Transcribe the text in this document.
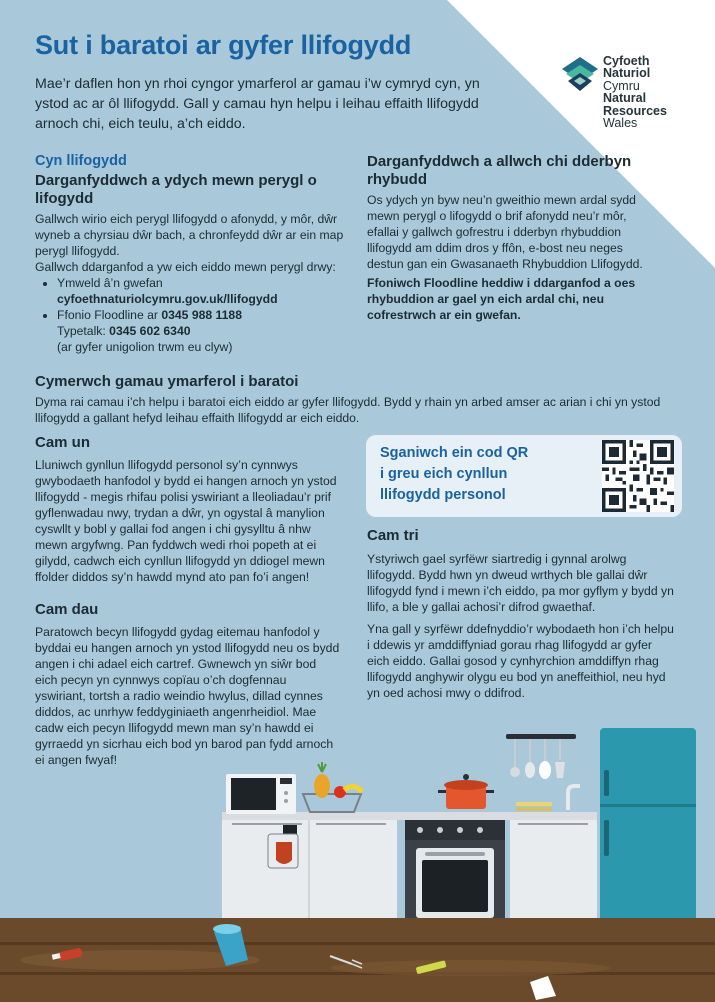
Cyfoeth
Naturiol
Cymru
Natural
Resources
Wales
Sut i baratoi ar gyfer llifogydd

Mae’r daflen hon yn rhoi cyngor ymarferol ar gamau i’w cymryd cyn, yn ystod ac ar ôl llifogydd. Gall y camau hyn helpu i leihau effaith llifogydd arnoch chi, eich teulu, a’ch eiddo.

Cyn llifogydd

Darganfyddwch a ydych mewn perygl o lifogydd

Gallwch wirio eich perygl llifogydd o afonydd, y môr, dŵr wyneb a chyrsiau dŵr bach, a chronfeydd dŵr ar ein map perygl llifogydd.

Gallwch ddarganfod a yw eich eiddo mewn perygl drwy:

• Ymweld â’n gwefan
cyfoethnaturiolcymru.gov.uk/llifogydd
• Ffonio Floodline ar 0345 988 1188
Typetalk: 0345 602 6340
(ar gyfer unigolion trwm eu clyw)

Darganfyddwch a allwch chi dderbyn rhybudd

Os ydych yn byw neu’n gweithio mewn ardal sydd mewn perygl o lifogydd o brif afonydd neu’r môr, efallai y gallwch gofrestru i dderbyn rhybuddion llifogydd am ddim dros y ffôn, e-bost neu neges destun gan ein Gwasanaeth Rhybuddion Llifogydd.

Ffoniwch Floodline heddiw i ddarganfod a oes rhybuddion ar gael yn eich ardal chi, neu cofrestrwch ar ein gwefan.

Cymerwch gamau ymarferol i baratoi

Dyma rai camau i’ch helpu i baratoi eich eiddo ar gyfer llifogydd. Bydd y rhain yn arbed amser ac arian i chi yn ystod llifogydd a gallant hefyd leihau effaith llifogydd ar eich eiddo.

Cam un

Lluniwch gynllun llifogydd personol sy’n cynnwys gwybodaeth hanfodol y bydd ei hangen arnoch yn ystod llifogydd - megis rhifau polisi yswiriant a lleoliadau’r prif gyflenwadau nwy, trydan a dŵr, yn ogystal â manylion cyswllt y bobl y gallai fod angen i chi gysylltu â nhw mewn argyfwng. Pan fyddwch wedi rhoi popeth at ei gilydd, cadwch eich cynllun llifogydd yn ddiogel mewn ffolder diddos sy’n hawdd mynd ato pan fo’i angen!

Cam dau

Paratowch becyn llifogydd gydag eitemau hanfodol y byddai eu hangen arnoch yn ystod llifogydd neu os bydd angen i chi adael eich cartref. Gwnewch yn siŵr bod eich pecyn yn cynnwys copïau o’ch dogfennau yswiriant, tortsh a radio weindio hwylus, dillad cynnes diddos, ac unrhyw feddyginiaeth angenrheidiol. Mae cadw eich pecyn llifogydd mewn man sy’n hawdd ei gyrraedd yn sicrhau eich bod yn barod pan fydd arnoch ei angen fwyaf!

Sganiwch ein cod QR
i greu eich cynllun
llifogydd personol

Cam tri

Ystyriwch gael syrfëwr siartredig i gynnal arolwg llifogydd. Bydd hwn yn dweud wrthych ble gallai dŵr llifogydd fynd i mewn i’ch eiddo, pa mor gyflym y bydd yn llifo, a ble y gallai achosi’r difrod gwaethaf.

Yna gall y syrfëwr ddefnyddio’r wybodaeth hon i’ch helpu i ddewis yr amddiffyniad gorau rhag llifogydd ar gyfer eich eiddo. Gallai gosod y cynhyrchion amddiffyn rhag llifogydd anghywir olygu eu bod yn aneffeithiol, neu hyd yn oed achosi mwy o ddifrod.
